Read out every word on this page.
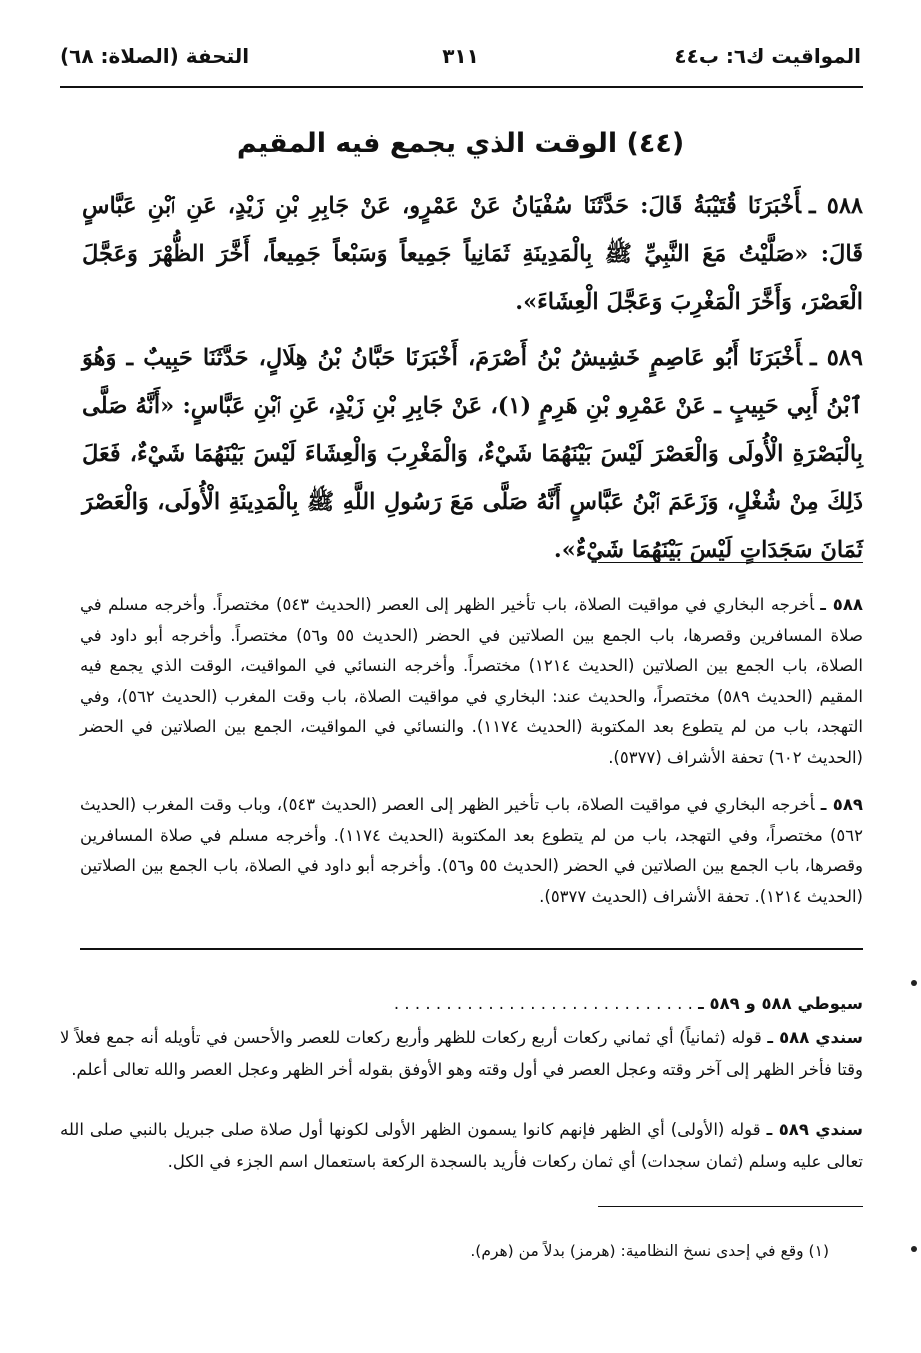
المواقيت ك٦: ب٤٤
٣١١
التحفة (الصلاة: ٦٨)
(٤٤) الوقت الذي يجمع فيه المقيم
٥٨٨ ـأَخْبَرَنَا قُتَيْبَةُ قَالَ: حَدَّثَنَا سُفْيَانُ عَنْ عَمْرٍو، عَنْ جَابِرِ بْنِ زَيْدٍ، عَنِ ٱبْنِ عَبَّاسٍ قَالَ: «صَلَّيْتُ مَعَ النَّبِيِّ ﷺ بِالْمَدِينَةِ ثَمَانِياً جَمِيعاً وَسَبْعاً جَمِيعاً، أَخَّرَ الظُّهْرَ وَعَجَّلَ الْعَصْرَ، وَأَخَّرَ الْمَغْرِبَ وَعَجَّلَ الْعِشَاءَ».
٥٨٩ ـأَخْبَرَنَا أَبُو عَاصِمٍ خَشِيشُ بْنُ أَصْرَمَ، أَخْبَرَنَا حَبَّانُ بْنُ هِلَالٍ، حَدَّثَنَا حَبِيبٌ ـ وَهُوَ ٱبْنُ أَبِي حَبِيبٍ ـ عَنْ عَمْرِو بْنِ هَرِمٍ (١)، عَنْ جَابِرِ بْنِ زَيْدٍ، عَنِ ٱبْنِ عَبَّاسٍ: «أَنَّهُ صَلَّى بِالْبَصْرَةِ الْأُولَى وَالْعَصْرَ لَيْسَ بَيْنَهُمَا شَيْءٌ، وَالْمَغْرِبَ وَالْعِشَاءَ لَيْسَ بَيْنَهُمَا شَيْءٌ، فَعَلَ ذَلِكَ مِنْ شُغْلٍ، وَزَعَمَ ٱبْنُ عَبَّاسٍ أَنَّهُ صَلَّى مَعَ رَسُولِ اللَّهِ ﷺ بِالْمَدِينَةِ الْأُولَى، وَالْعَصْرَ ثَمَانَ سَجَدَاتٍ لَيْسَ بَيْنَهُمَا شَيْءٌ».
٥٨٨ ـأخرجه البخاري في مواقيت الصلاة، باب تأخير الظهر إلى العصر (الحديث ٥٤٣) مختصراً. وأخرجه مسلم في صلاة المسافرين وقصرها، باب الجمع بين الصلاتين في الحضر (الحديث ٥٥ و٥٦) مختصراً. وأخرجه أبو داود في الصلاة، باب الجمع بين الصلاتين (الحديث ١٢١٤) مختصراً. وأخرجه النسائي في المواقيت، الوقت الذي يجمع فيه المقيم (الحديث ٥٨٩) مختصراً، والحديث عند: البخاري في مواقيت الصلاة، باب وقت المغرب (الحديث ٥٦٢)، وفي التهجد، باب من لم يتطوع بعد المكتوبة (الحديث ١١٧٤). والنسائي في المواقيت، الجمع بين الصلاتين في الحضر (الحديث ٦٠٢) تحفة الأشراف (٥٣٧٧).
٥٨٩ ـأخرجه البخاري في مواقيت الصلاة، باب تأخير الظهر إلى العصر (الحديث ٥٤٣)، وباب وقت المغرب (الحديث ٥٦٢) مختصراً، وفي التهجد، باب من لم يتطوع بعد المكتوبة (الحديث ١١٧٤). وأخرجه مسلم في صلاة المسافرين وقصرها، باب الجمع بين الصلاتين في الحضر (الحديث ٥٥ و٥٦). وأخرجه أبو داود في الصلاة، باب الجمع بين الصلاتين (الحديث ١٢١٤). تحفة الأشراف (الحديث ٥٣٧٧).
سيوطي ٥٨٨ و ٥٨٩ ـ . . . . . . . . . . . . . . . . . . . . . . . . . . . . .
سندي ٥٨٨ ـ قوله (ثمانياً) أي ثماني ركعات أربع ركعات للظهر وأربع ركعات للعصر والأحسن في تأويله أنه جمع فعلاً لا وقتا فأخر الظهر إلى آخر وقته وعجل العصر في أول وقته وهو الأوفق بقوله أخر الظهر وعجل العصر والله تعالى أعلم.
سندي ٥٨٩ ـ قوله (الأولى) أي الظهر فإنهم كانوا يسمون الظهر الأولى لكونها أول صلاة صلى جبريل بالنبي صلى الله تعالى عليه وسلم (ثمان سجدات) أي ثمان ركعات فأريد بالسجدة الركعة باستعمال اسم الجزء في الكل.
(١) وقع في إحدى نسخ النظامية: (هرمز) بدلاً من (هرم).
